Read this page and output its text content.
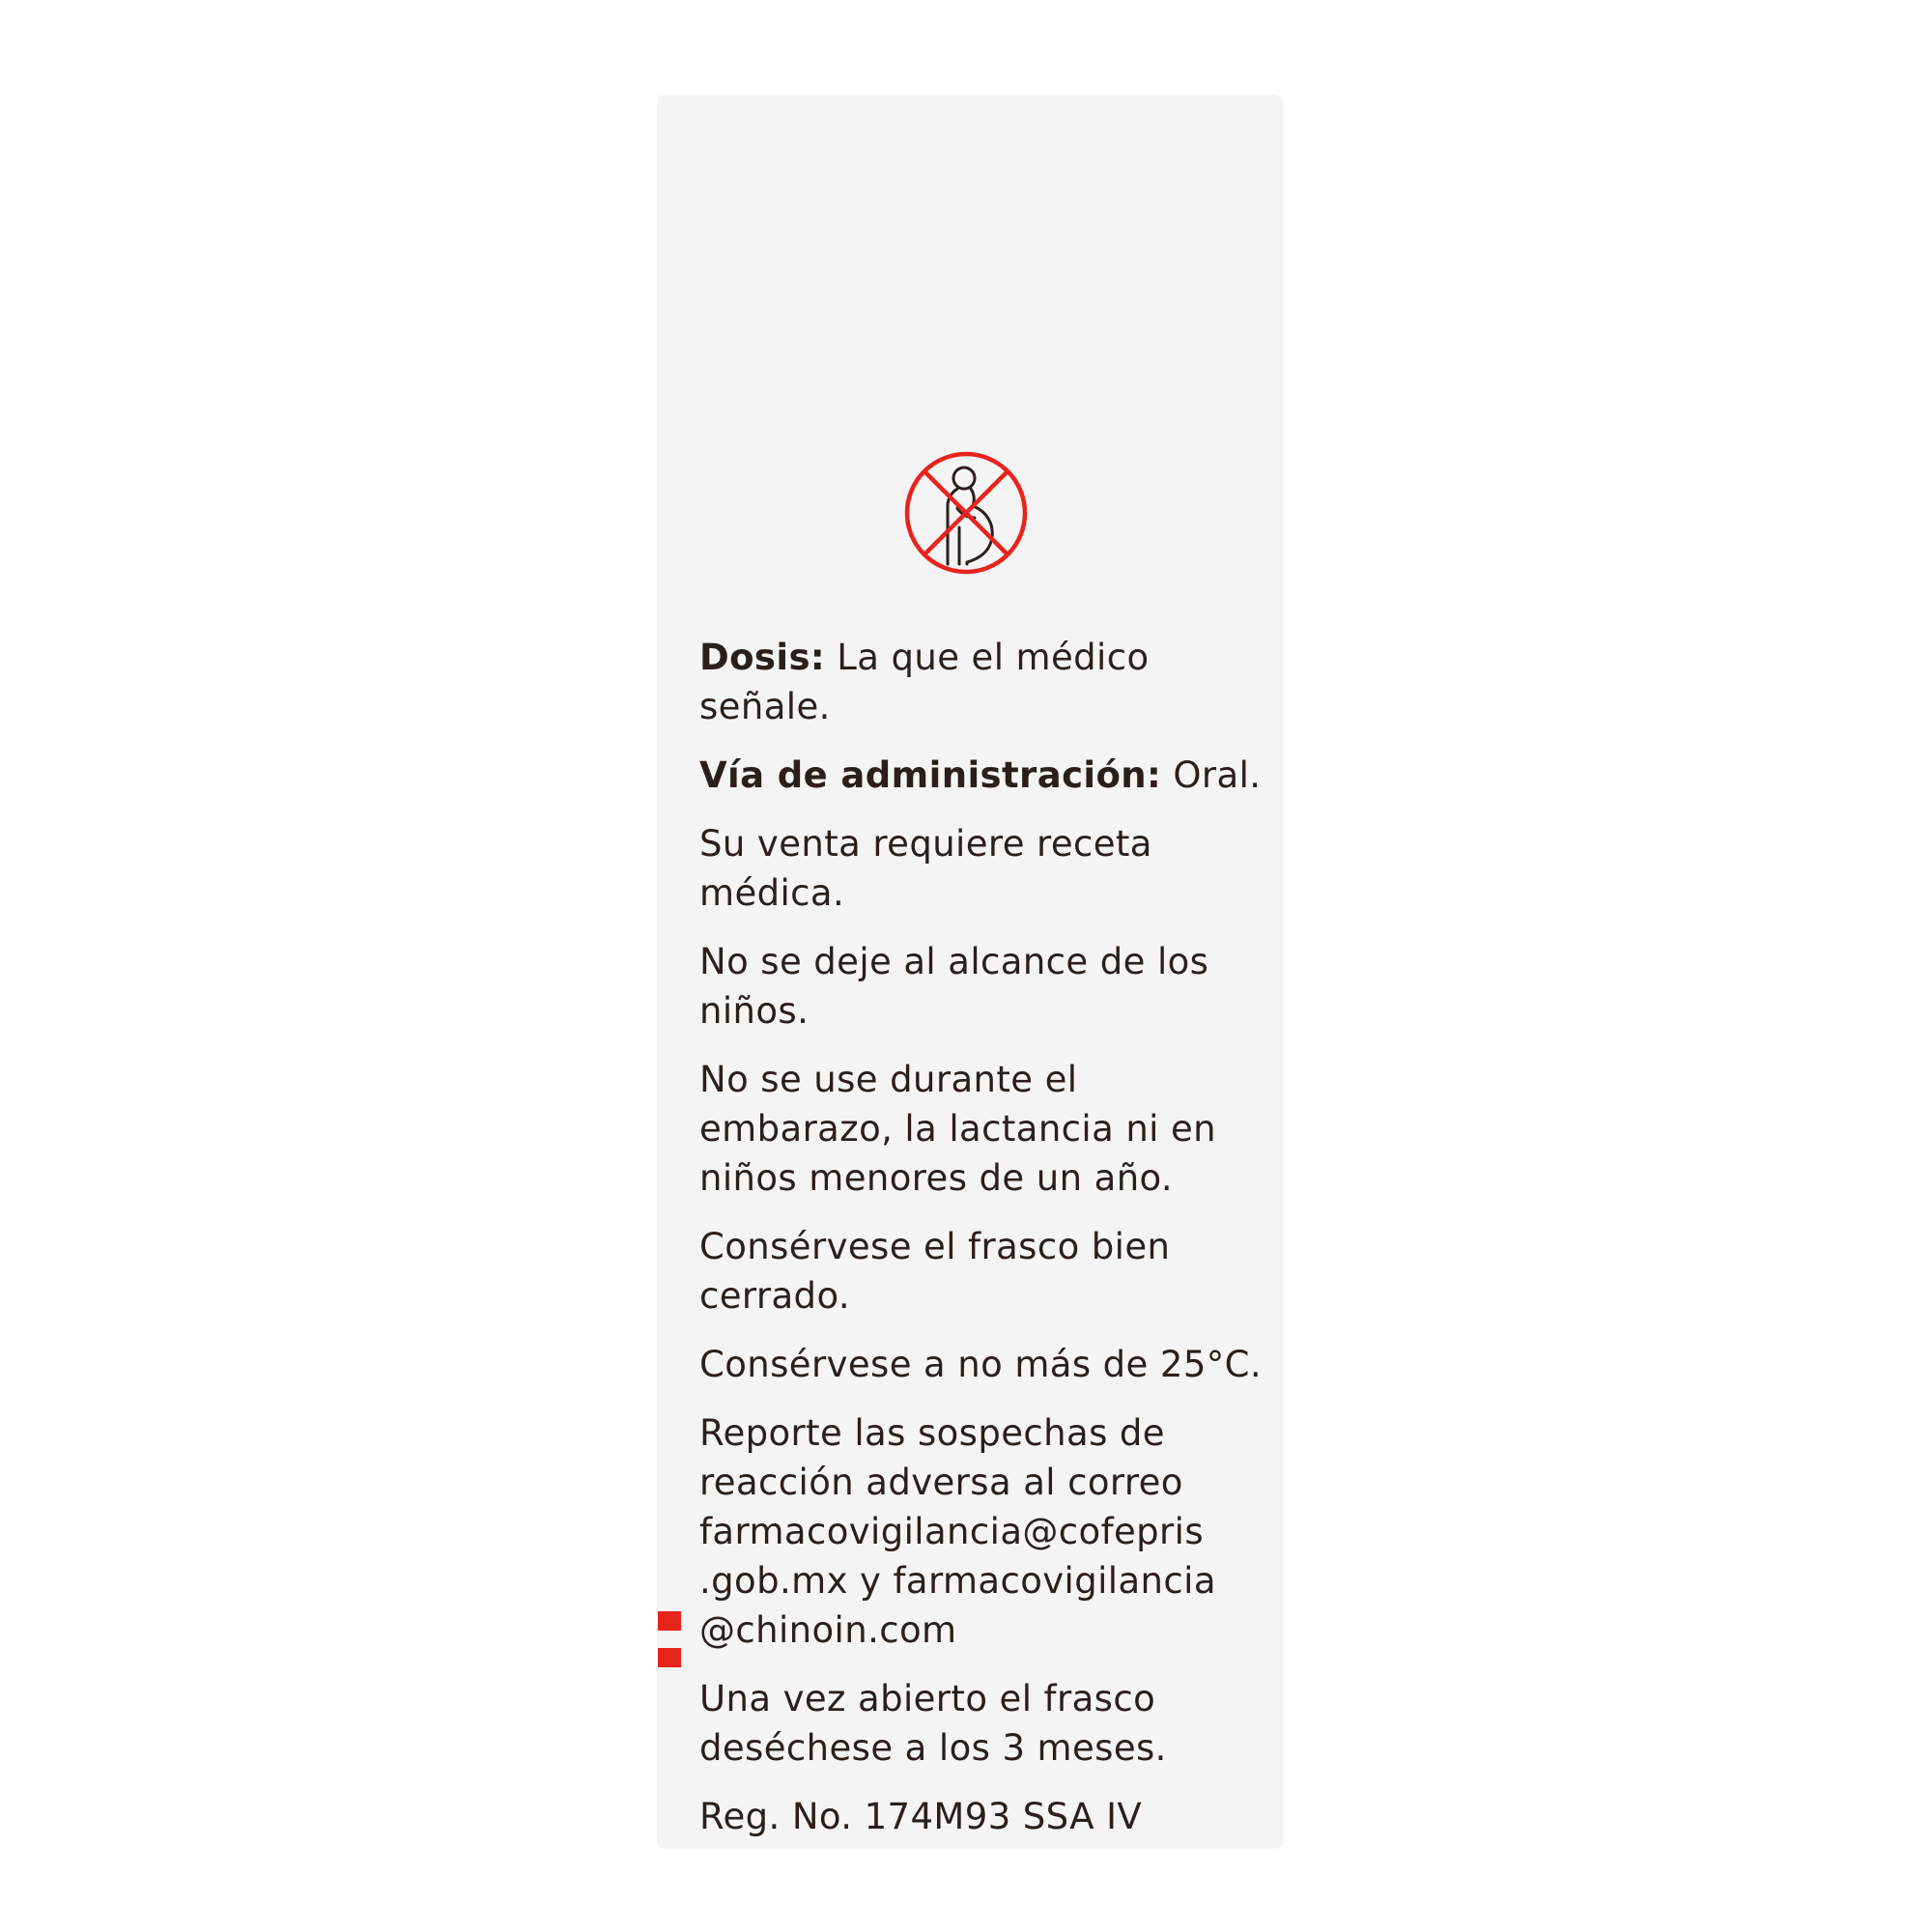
Dosis: La que el médico señale.

Vía de administración: Oral.

Su venta requiere receta médica.

No se deje al alcance de los niños.

No se use durante el embarazo, la lactancia ni en niños menores de un año.

Consérvese el frasco bien cerrado.

Consérvese a no más de 25°C.

Reporte las sospechas de reacción adversa al correo farmacovigilancia@cofepris .gob.mx y farmacovigilancia @chinoin.com

Una vez abierto el frasco deséchese a los 3 meses.

Reg. No. 174M93 SSA IV
